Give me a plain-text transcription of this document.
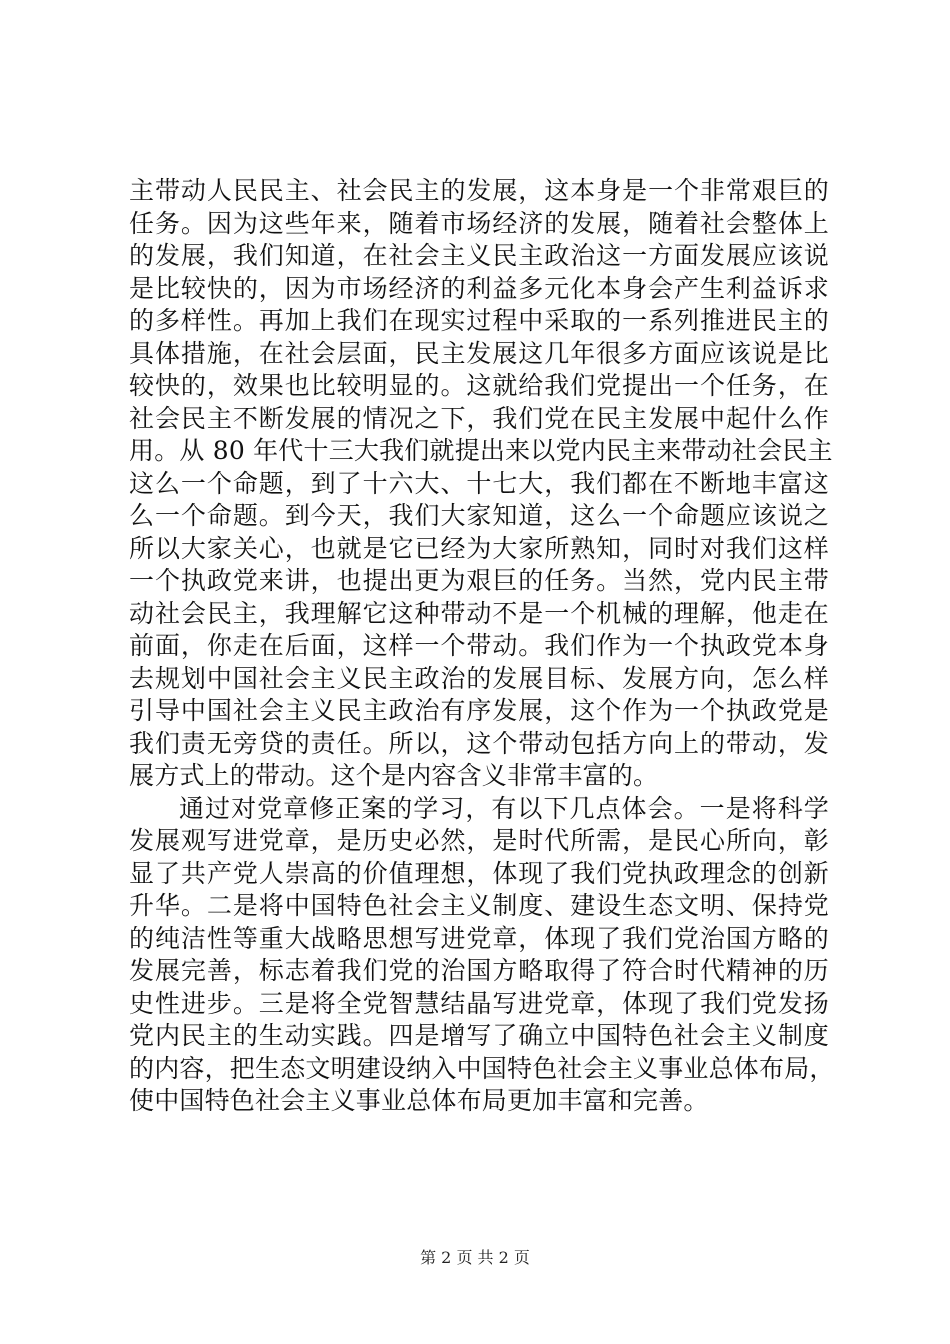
主带动人民民主、社会民主的发展，这本身是一个非常艰巨的
任务。因为这些年来，随着市场经济的发展，随着社会整体上
的发展，我们知道，在社会主义民主政治这一方面发展应该说
是比较快的，因为市场经济的利益多元化本身会产生利益诉求
的多样性。再加上我们在现实过程中采取的一系列推进民主的
具体措施，在社会层面，民主发展这几年很多方面应该说是比
较快的，效果也比较明显的。这就给我们党提出一个任务，在
社会民主不断发展的情况之下，我们党在民主发展中起什么作
用。从 80 年代十三大我们就提出来以党内民主来带动社会民主
这么一个命题，到了十六大、十七大，我们都在不断地丰富这
么一个命题。到今天，我们大家知道，这么一个命题应该说之
所以大家关心，也就是它已经为大家所熟知，同时对我们这样
一个执政党来讲，也提出更为艰巨的任务。当然，党内民主带
动社会民主，我理解它这种带动不是一个机械的理解，他走在
前面，你走在后面，这样一个带动。我们作为一个执政党本身
去规划中国社会主义民主政治的发展目标、发展方向，怎么样
引导中国社会主义民主政治有序发展，这个作为一个执政党是
我们责无旁贷的责任。所以，这个带动包括方向上的带动，发
展方式上的带动。这个是内容含义非常丰富的。
通过对党章修正案的学习，有以下几点体会。一是将科学
发展观写进党章，是历史必然，是时代所需，是民心所向，彰
显了共产党人崇高的价值理想，体现了我们党执政理念的创新
升华。二是将中国特色社会主义制度、建设生态文明、保持党
的纯洁性等重大战略思想写进党章，体现了我们党治国方略的
发展完善，标志着我们党的治国方略取得了符合时代精神的历
史性进步。三是将全党智慧结晶写进党章，体现了我们党发扬
党内民主的生动实践。四是增写了确立中国特色社会主义制度
的内容，把生态文明建设纳入中国特色社会主义事业总体布局，
使中国特色社会主义事业总体布局更加丰富和完善。
第 2 页 共 2 页
